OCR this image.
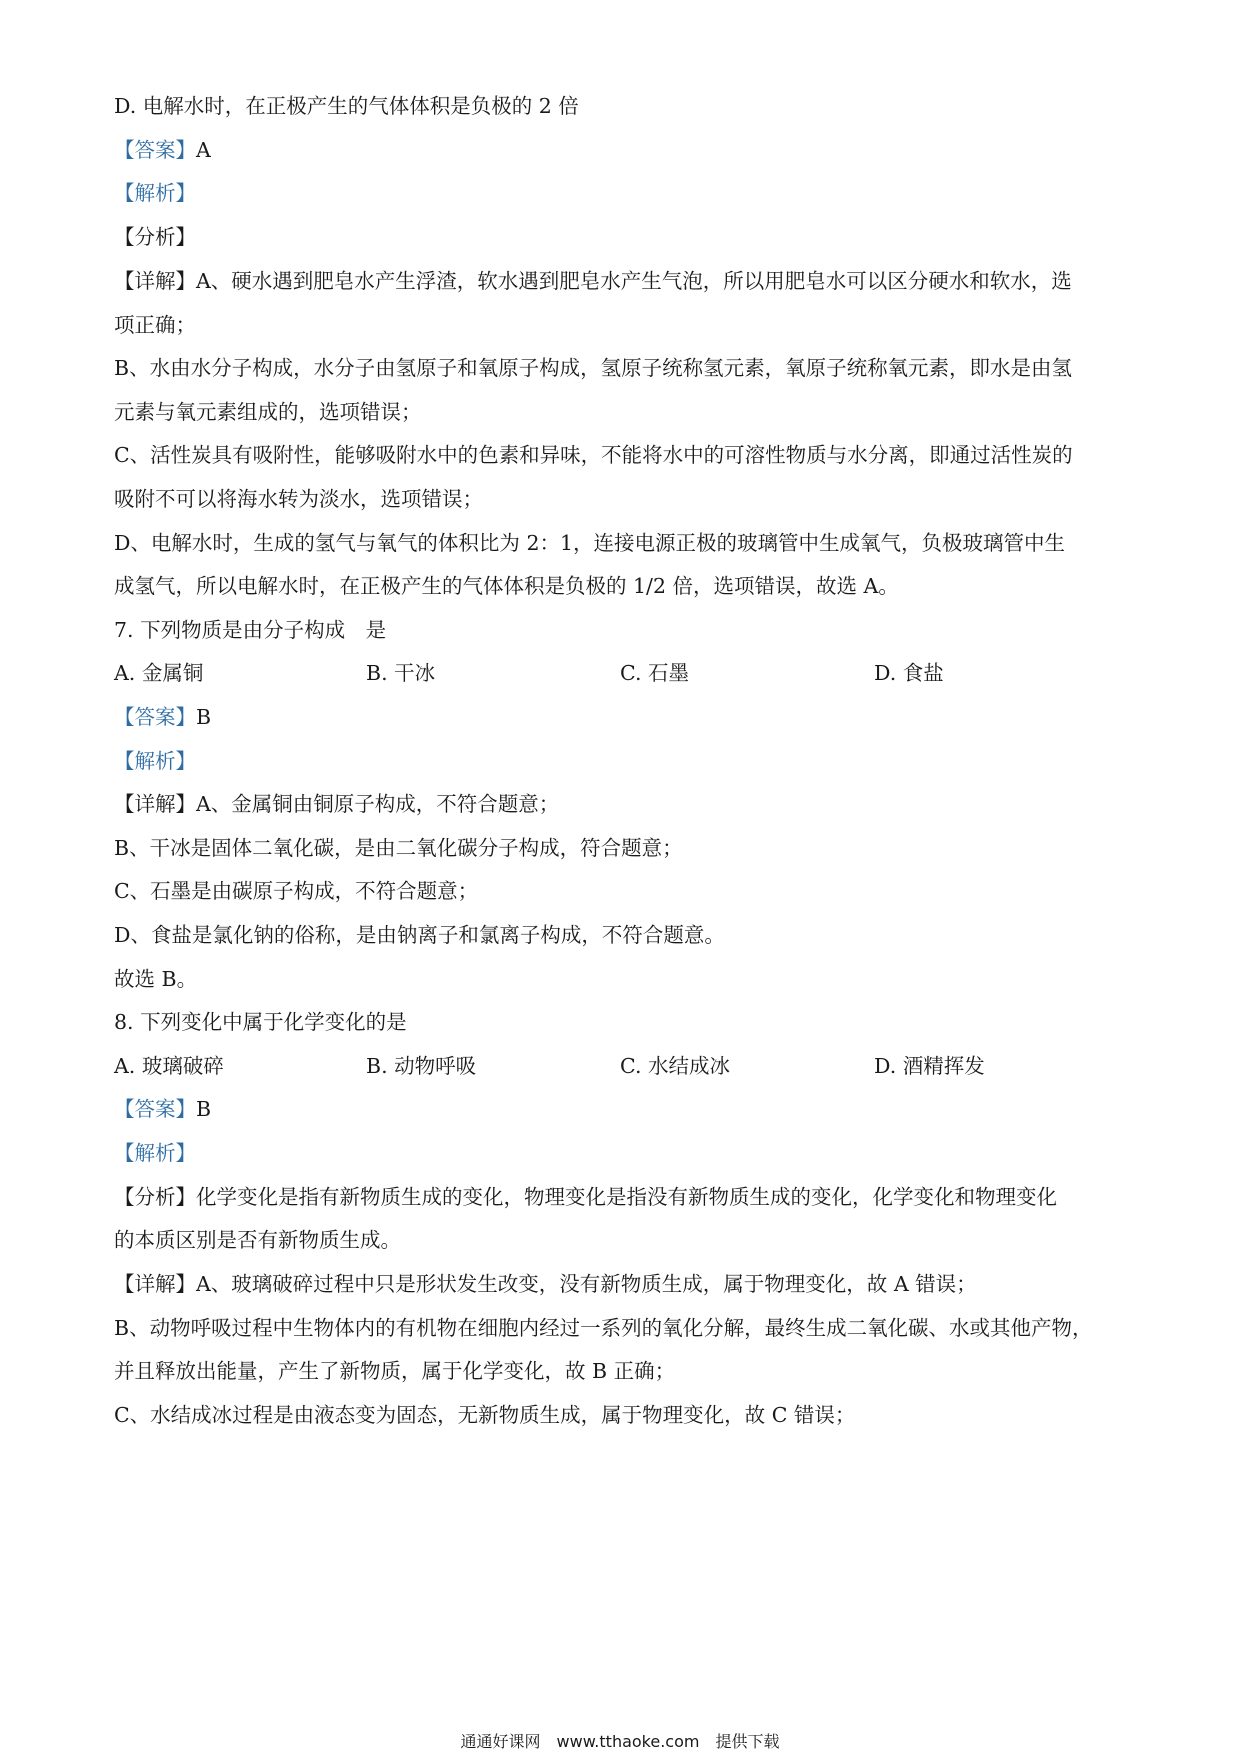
D. 电解水时，在正极产生的气体体积是负极的 2 倍
【答案】A
【解析】
【分析】
【详解】A、硬水遇到肥皂水产生浮渣，软水遇到肥皂水产生气泡，所以用肥皂水可以区分硬水和软水，选
项正确；
B、水由水分子构成，水分子由氢原子和氧原子构成，氢原子统称氢元素，氧原子统称氧元素，即水是由氢
元素与氧元素组成的，选项错误；
C、活性炭具有吸附性，能够吸附水中的色素和异味，不能将水中的可溶性物质与水分离，即通过活性炭的
吸附不可以将海水转为淡水，选项错误；
D、电解水时，生成的氢气与氧气的体积比为 2：1，连接电源正极的玻璃管中生成氧气，负极玻璃管中生
成氢气，所以电解水时，在正极产生的气体体积是负极的 1/2 倍，选项错误，故选 A。
7. 下列物质是由分子构成　是
A. 金属铜	B. 干冰	C. 石墨	D. 食盐
【答案】B
【解析】
【详解】A、金属铜由铜原子构成，不符合题意；
B、干冰是固体二氧化碳，是由二氧化碳分子构成，符合题意；
C、石墨是由碳原子构成，不符合题意；
D、食盐是氯化钠的俗称，是由钠离子和氯离子构成，不符合题意。
故选 B。
8. 下列变化中属于化学变化的是
A. 玻璃破碎	B. 动物呼吸	C. 水结成冰	D. 酒精挥发
【答案】B
【解析】
【分析】化学变化是指有新物质生成的变化，物理变化是指没有新物质生成的变化，化学变化和物理变化
的本质区别是否有新物质生成。
【详解】A、玻璃破碎过程中只是形状发生改变，没有新物质生成，属于物理变化，故 A 错误；
B、动物呼吸过程中生物体内的有机物在细胞内经过一系列的氧化分解，最终生成二氧化碳、水或其他产物，
并且释放出能量，产生了新物质，属于化学变化，故 B 正确；
C、水结成冰过程是由液态变为固态，无新物质生成，属于物理变化，故 C 错误；
通通好课网　www.tthaoke.com　提供下载
